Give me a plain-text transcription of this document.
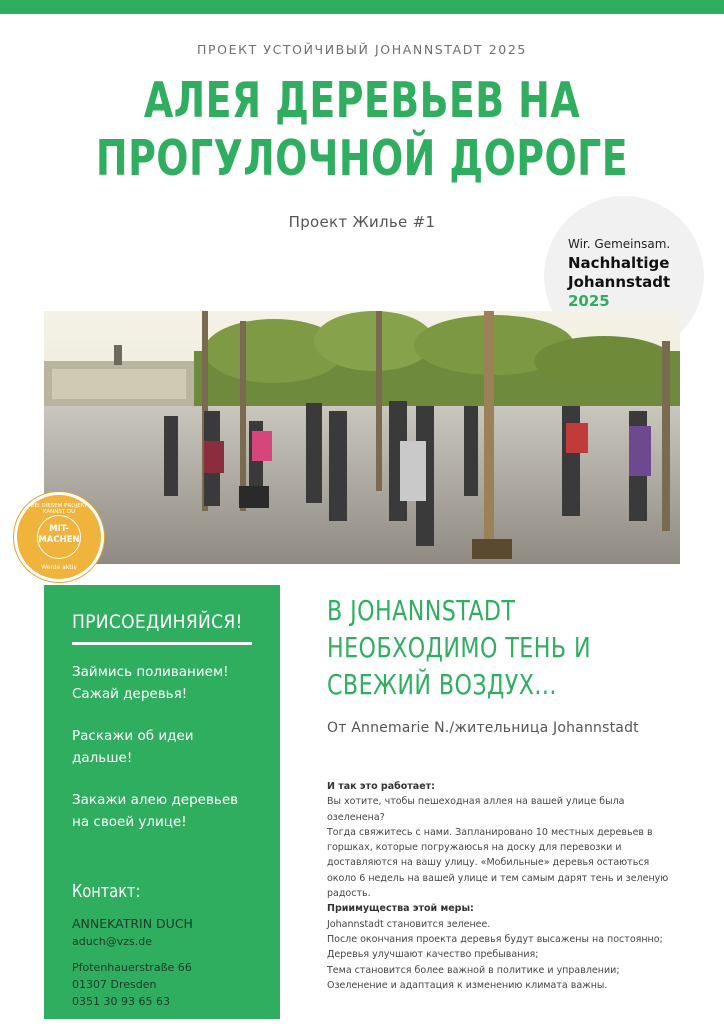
ПРОЕКТ УСТОЙЧИВЫЙ JOHANNSTADT 2025
АЛЕЯ ДЕРЕВЬЕВ НА
ПРОГУЛОЧНОЙ ДОРОГЕ
Проект Жилье #1
Wir. Gemeinsam.
Nachhaltige
Johannstadt
2025
BEI DIESEM PROJEKT KANNST DU
MIT-
MACHEN
Werde aktiv
ПРИСОЕДИНЯЙСЯ!
Займись поливанием!
Сажай деревья!
Раскажи об идеи
дальше!
Закажи алею деревьев
на своей улице!
Контакт:
ANNEKATRIN DUCH
aduch@vzs.de
Pfotenhauerstraße 66
01307 Dresden
0351 30 93 65 63
В JOHANNSTADT
НЕОБХОДИМО ТЕНЬ И
СВЕЖИЙ ВОЗДУХ...
От Annemarie N./жительница Johannstadt
И так это работает:
Вы хотите, чтобы пешеходная аллея на вашей улице была
озеленена?
Тогда свяжитесь с нами. Запланировано 10 местных деревьев в
горшках, которые погружаюсья на доску для перевозки и
доставляются на вашу улицу. «Мобильные» деревья остаються
около 6 недель на вашей улице и тем самым дарят тень и зеленую
радость.
Приимущества этой меры:
Johannstadt становится зеленее.
После окончания проекта деревья будут высажены на постоянно;
Деревья улучшают качество пребывания;
Тема становится более важной в политике и управлении;
Озеленение и адаптация к изменению климата важны.
